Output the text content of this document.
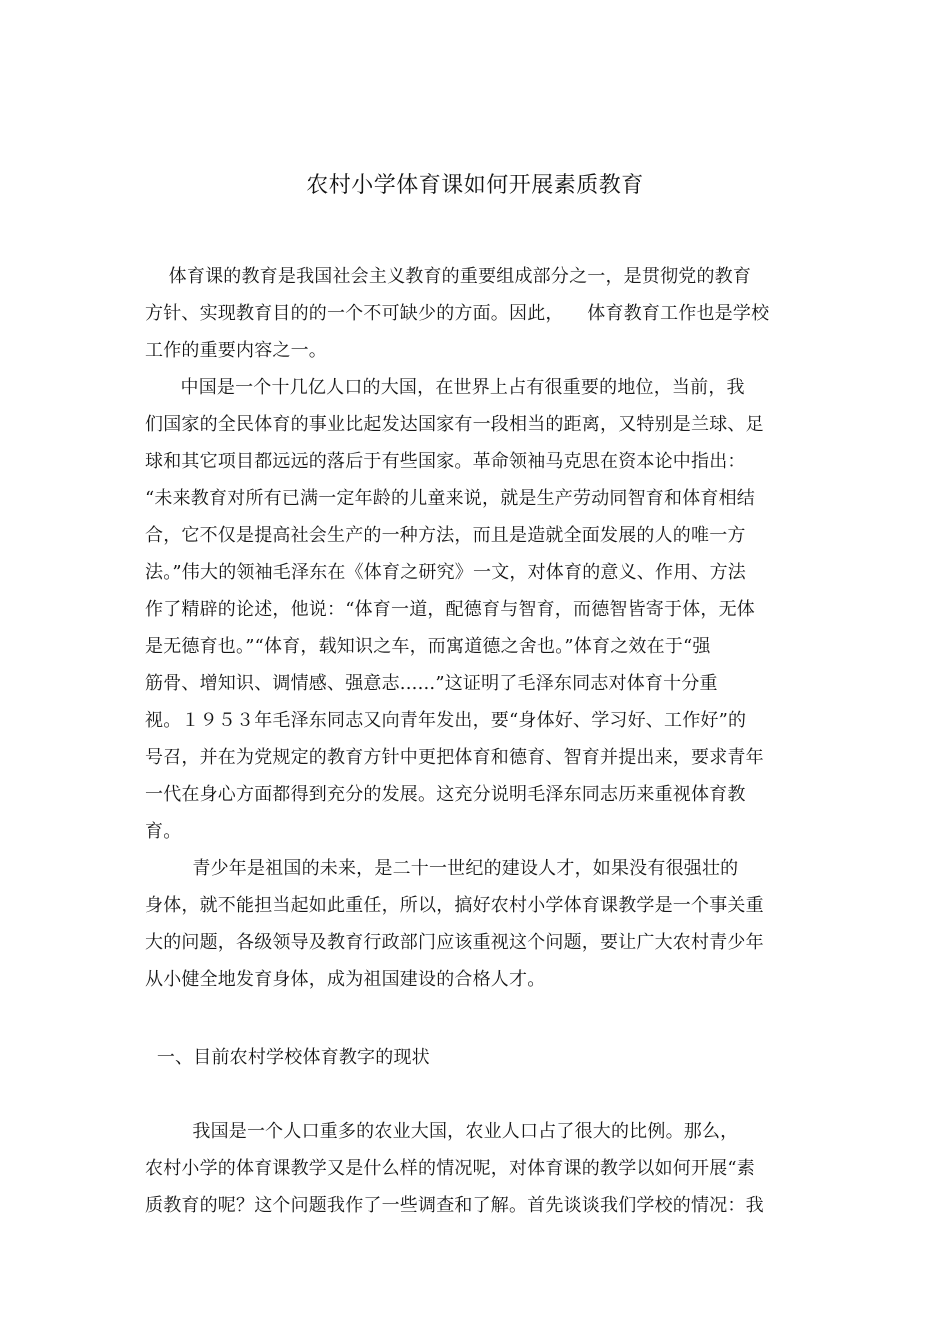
农村小学体育课如何开展素质教育
体育课的教育是我国社会主义教育的重要组成部分之一，是贯彻党的教育
方针、实现教育目的的一个不可缺少的方面。因此，    体育教育工作也是学校
工作的重要内容之一。
中国是一个十几亿人口的大国，在世界上占有很重要的地位，当前，我
们国家的全民体育的事业比起发达国家有一段相当的距离，又特别是兰球、足
球和其它项目都远远的落后于有些国家。革命领袖马克思在资本论中指出：
“未来教育对所有已满一定年龄的儿童来说，就是生产劳动同智育和体育相结
合，它不仅是提高社会生产的一种方法，而且是造就全面发展的人的唯一方
法。”伟大的领袖毛泽东在《体育之研究》一文，对体育的意义、作用、方法
作了精辟的论述，他说：“体育一道，配德育与智育，而德智皆寄于体，无体
是无德育也。”“体育，载知识之车，而寓道德之舍也。”体育之效在于“强
筋骨、增知识、调情感、强意志......”这证明了毛泽东同志对体育十分重
视。１９５３年毛泽东同志又向青年发出，要“身体好、学习好、工作好”的
号召，并在为党规定的教育方针中更把体育和德育、智育并提出来，要求青年
一代在身心方面都得到充分的发展。这充分说明毛泽东同志历来重视体育教
育。
青少年是祖国的未来，是二十一世纪的建设人才，如果没有很强壮的
身体，就不能担当起如此重任，所以，搞好农村小学体育课教学是一个事关重
大的问题，各级领导及教育行政部门应该重视这个问题，要让广大农村青少年
从小健全地发育身体，成为祖国建设的合格人才。
一、目前农村学校体育教字的现状
我国是一个人口重多的农业大国，农业人口占了很大的比例。那么，
农村小学的体育课教学又是什么样的情况呢，对体育课的教学以如何开展“素
质教育的呢？这个问题我作了一些调查和了解。首先谈谈我们学校的情况：我
